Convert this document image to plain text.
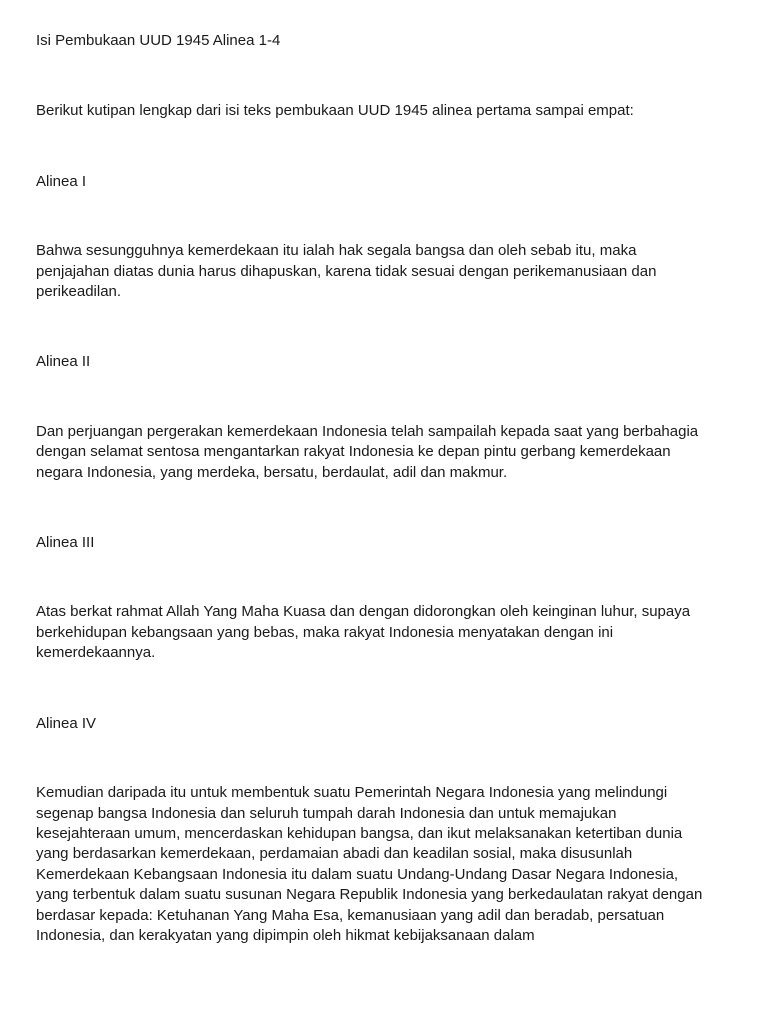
Isi Pembukaan UUD 1945 Alinea 1-4
Berikut kutipan lengkap dari isi teks pembukaan UUD 1945 alinea pertama sampai empat:
Alinea I
Bahwa sesungguhnya kemerdekaan itu ialah hak segala bangsa dan oleh sebab itu, maka
penjajahan diatas dunia harus dihapuskan, karena tidak sesuai dengan perikemanusiaan dan
perikeadilan.
Alinea II
Dan perjuangan pergerakan kemerdekaan Indonesia telah sampailah kepada saat yang berbahagia
dengan selamat sentosa mengantarkan rakyat Indonesia ke depan pintu gerbang kemerdekaan
negara Indonesia, yang merdeka, bersatu, berdaulat, adil dan makmur.
Alinea III
Atas berkat rahmat Allah Yang Maha Kuasa dan dengan didorongkan oleh keinginan luhur, supaya
berkehidupan kebangsaan yang bebas, maka rakyat Indonesia menyatakan dengan ini
kemerdekaannya.
Alinea IV
Kemudian daripada itu untuk membentuk suatu Pemerintah Negara Indonesia yang melindungi
segenap bangsa Indonesia dan seluruh tumpah darah Indonesia dan untuk memajukan
kesejahteraan umum, mencerdaskan kehidupan bangsa, dan ikut melaksanakan ketertiban dunia
yang berdasarkan kemerdekaan, perdamaian abadi dan keadilan sosial, maka disusunlah
Kemerdekaan Kebangsaan Indonesia itu dalam suatu Undang-Undang Dasar Negara Indonesia,
yang terbentuk dalam suatu susunan Negara Republik Indonesia yang berkedaulatan rakyat dengan
berdasar kepada: Ketuhanan Yang Maha Esa, kemanusiaan yang adil dan beradab, persatuan
Indonesia, dan kerakyatan yang dipimpin oleh hikmat kebijaksanaan dalam
